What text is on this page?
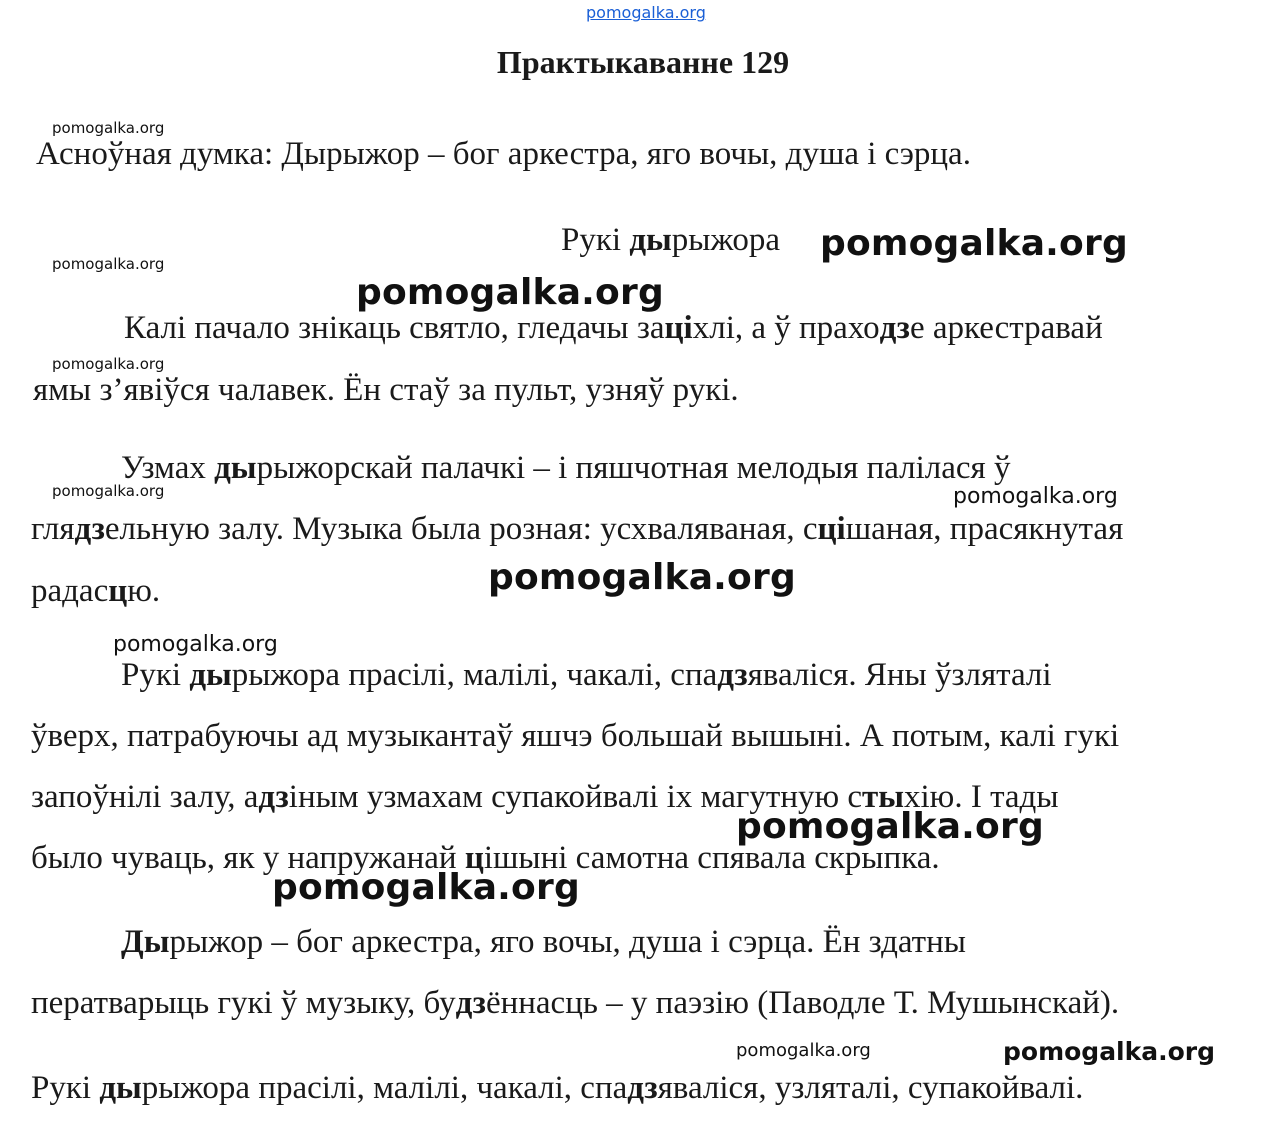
pomogalka.org
Практыкаванне 129
Асноўная думка: Дырыжор – бог аркестра, яго вочы, душа і сэрца.
Рукі дырыжора
Калі пачало знікаць святло, гледачы заціхлі, а ў праходзе аркестравай
ямы з’явіўся чалавек. Ён стаў за пульт, узняў рукі.
Узмах дырыжорскай палачкі – і пяшчотная мелодыя палілася ў
глядзельную залу. Музыка была розная: усхваляваная, сцішаная, прасякнутая
радасцю.
Рукі дырыжора прасілі, малілі, чакалі, спадзяваліся. Яны ўзляталі
ўверх, патрабуючы ад музыкантаў яшчэ большай вышыні. А потым, калі гукі
запоўнілі залу, адзіным узмахам супакойвалі іх магутную стыхію. І тады
было чуваць, як у напружанай цішыні самотна спявала скрыпка.
Дырыжор – бог аркестра, яго вочы, душа і сэрца. Ён здатны
ператварыць гукі ў музыку, будзённасць – у паэзію (Паводле Т. Мушынскай).
Рукі дырыжора прасілі, малілі, чакалі, спадзяваліся, узляталі, супакойвалі.
pomogalka.org
pomogalka.org
pomogalka.org
pomogalka.org
pomogalka.org
pomogalka.org
pomogalka.org
pomogalka.org
pomogalka.org
pomogalka.org
pomogalka.org
pomogalka.org
pomogalka.org
